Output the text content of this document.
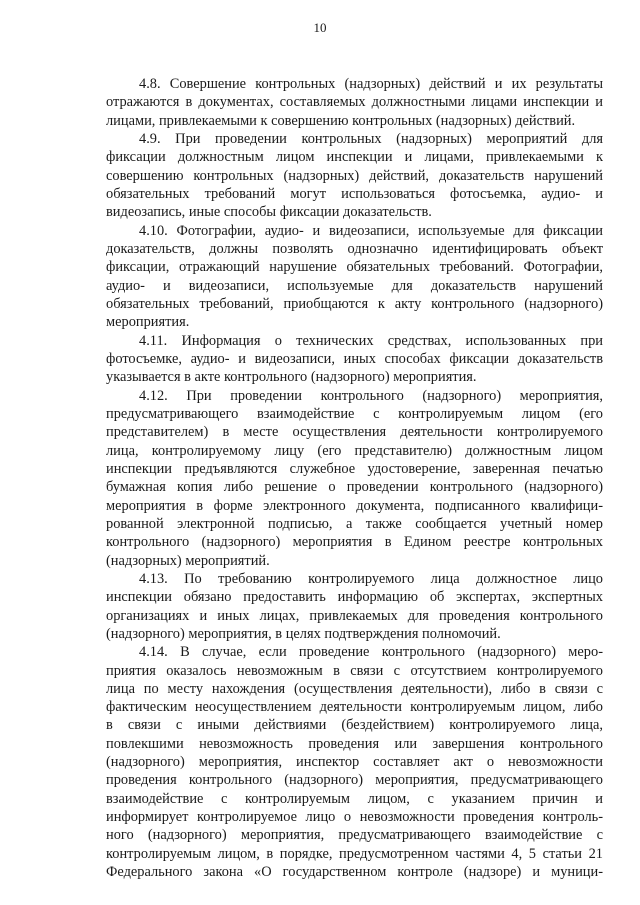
10
4.8. Совершение контрольных (надзорных) действий и их результаты
отражаются в документах, составляемых должностными лицами инспекции и
лицами, привлекаемыми к совершению контрольных (надзорных) действий.
4.9. При проведении контрольных (надзорных) мероприятий для
фиксации должностным лицом инспекции и лицами, привлекаемыми к
совершению контрольных (надзорных) действий, доказательств нарушений
обязательных требований могут использоваться фотосъемка, аудио- и
видеозапись, иные способы фиксации доказательств.
4.10. Фотографии, аудио- и видеозаписи, используемые для фиксации
доказательств, должны позволять однозначно идентифицировать объект
фиксации, отражающий нарушение обязательных требований. Фотографии,
аудио- и видеозаписи, используемые для доказательств нарушений
обязательных требований, приобщаются к акту контрольного (надзорного)
мероприятия.
4.11. Информация о технических средствах, использованных при
фотосъемке, аудио- и видеозаписи, иных способах фиксации доказательств
указывается в акте контрольного (надзорного) мероприятия.
4.12. При проведении контрольного (надзорного) мероприятия,
предусматривающего взаимодействие с контролируемым лицом (его
представителем) в месте осуществления деятельности контролируемого
лица, контролируемому лицу (его представителю) должностным лицом
инспекции предъявляются служебное удостоверение, заверенная печатью
бумажная копия либо решение о проведении контрольного (надзорного)
мероприятия в форме электронного документа, подписанного квалифици-
рованной электронной подписью, а также сообщается учетный номер
контрольного (надзорного) мероприятия в Едином реестре контрольных
(надзорных) мероприятий.
4.13. По требованию контролируемого лица должностное лицо
инспекции обязано предоставить информацию об экспертах, экспертных
организациях и иных лицах, привлекаемых для проведения контрольного
(надзорного) мероприятия, в целях подтверждения полномочий.
4.14. В случае, если проведение контрольного (надзорного) меро-
приятия оказалось невозможным в связи с отсутствием контролируемого
лица по месту нахождения (осуществления деятельности), либо в связи с
фактическим неосуществлением деятельности контролируемым лицом, либо
в связи с иными действиями (бездействием) контролируемого лица,
повлекшими невозможность проведения или завершения контрольного
(надзорного) мероприятия, инспектор составляет акт о невозможности
проведения контрольного (надзорного) мероприятия, предусматривающего
взаимодействие с контролируемым лицом, с указанием причин и
информирует контролируемое лицо о невозможности проведения контроль-
ного (надзорного) мероприятия, предусматривающего взаимодействие с
контролируемым лицом, в порядке, предусмотренном частями 4, 5 статьи 21
Федерального закона «О государственном контроле (надзоре) и муници-
